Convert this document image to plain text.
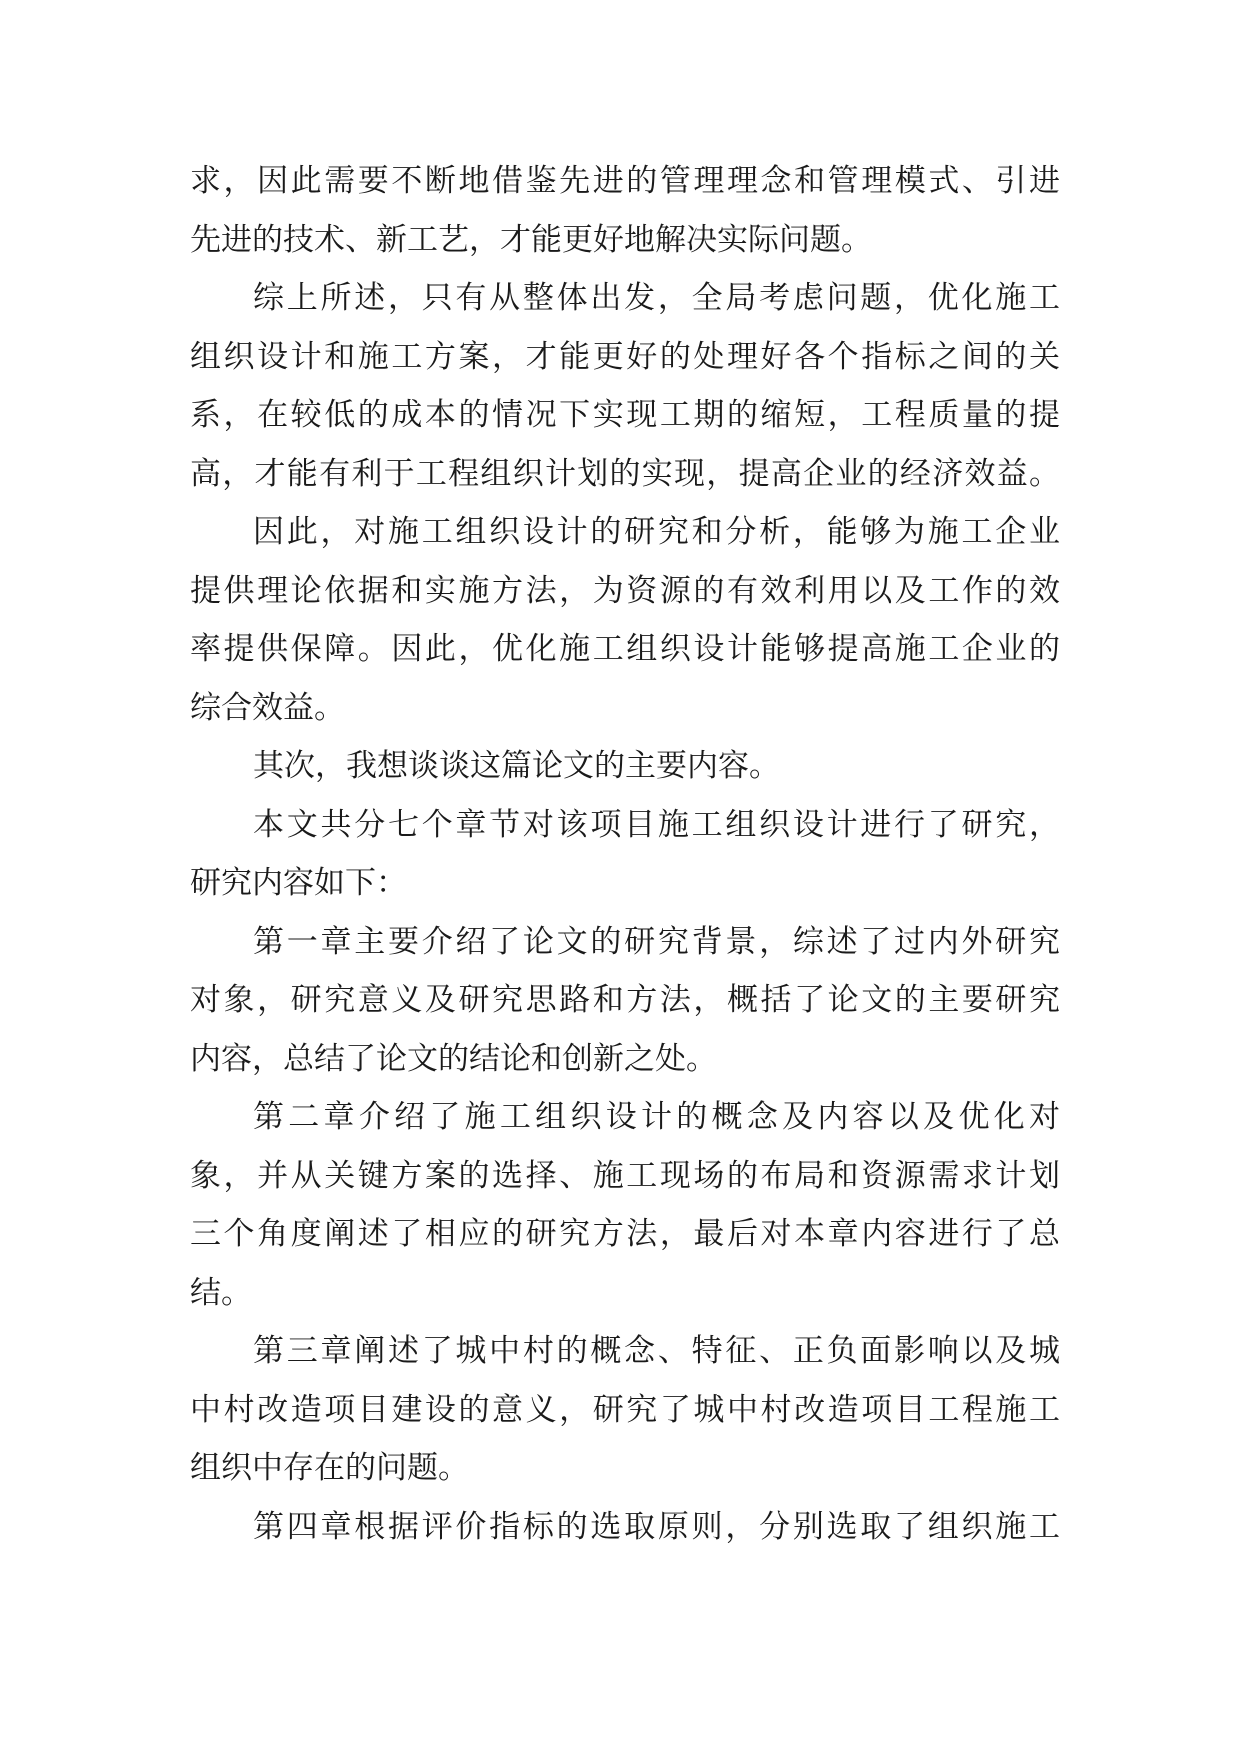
求，因此需要不断地借鉴先进的管理理念和管理模式、引进
先进的技术、新工艺，才能更好地解决实际问题。
综上所述，只有从整体出发，全局考虑问题，优化施工
组织设计和施工方案，才能更好的处理好各个指标之间的关
系，在较低的成本的情况下实现工期的缩短，工程质量的提
高，才能有利于工程组织计划的实现，提高企业的经济效益。
因此，对施工组织设计的研究和分析，能够为施工企业
提供理论依据和实施方法，为资源的有效利用以及工作的效
率提供保障。因此，优化施工组织设计能够提高施工企业的
综合效益。
其次，我想谈谈这篇论文的主要内容。
本文共分七个章节对该项目施工组织设计进行了研究，
研究内容如下：
第一章主要介绍了论文的研究背景，综述了过内外研究
对象，研究意义及研究思路和方法，概括了论文的主要研究
内容，总结了论文的结论和创新之处。
第二章介绍了施工组织设计的概念及内容以及优化对
象，并从关键方案的选择、施工现场的布局和资源需求计划
三个角度阐述了相应的研究方法，最后对本章内容进行了总
结。
第三章阐述了城中村的概念、特征、正负面影响以及城
中村改造项目建设的意义，研究了城中村改造项目工程施工
组织中存在的问题。
第四章根据评价指标的选取原则，分别选取了组织施工
